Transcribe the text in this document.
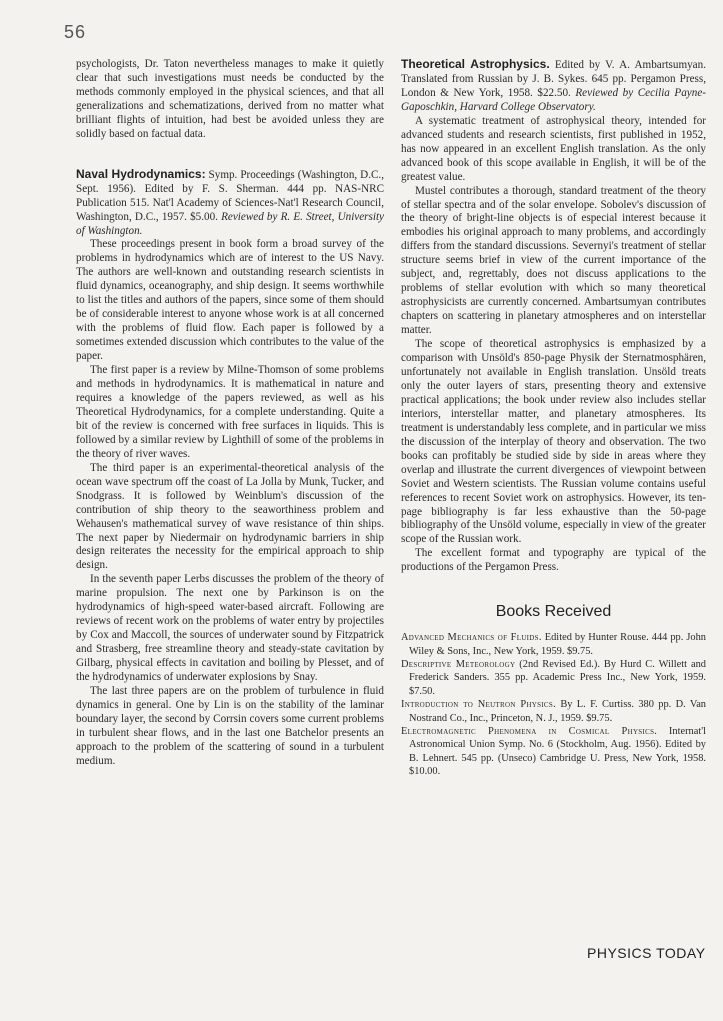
56

psychologists, Dr. Taton nevertheless manages to make it quietly clear that such investigations must needs be conducted by the methods commonly employed in the physical sciences, and that all generalizations and schematizations, derived from no matter what brilliant flights of intuition, had best be avoided unless they are solidly based on factual data.

Naval Hydrodynamics: Symp. Proceedings (Washington, D.C., Sept. 1956). Edited by F. S. Sherman. 444 pp. NAS-NRC Publication 515. Nat'l Academy of Sciences-Nat'l Research Council, Washington, D.C., 1957. $5.00. Reviewed by R. E. Street, University of Washington.

These proceedings present in book form a broad survey of the problems in hydrodynamics which are of interest to the US Navy. The authors are well-known and outstanding research scientists in fluid dynamics, oceanography, and ship design. It seems worthwhile to list the titles and authors of the papers, since some of them should be of considerable interest to anyone whose work is at all concerned with the problems of fluid flow. Each paper is followed by a sometimes extended discussion which contributes to the value of the paper.

The first paper is a review by Milne-Thomson of some problems and methods in hydrodynamics. It is mathematical in nature and requires a knowledge of the papers reviewed, as well as his Theoretical Hydrodynamics, for a complete understanding. Quite a bit of the review is concerned with free surfaces in liquids. This is followed by a similar review by Lighthill of some of the problems in the theory of river waves.

The third paper is an experimental-theoretical analysis of the ocean wave spectrum off the coast of La Jolla by Munk, Tucker, and Snodgrass. It is followed by Weinblum's discussion of the contribution of ship theory to the seaworthiness problem and Wehausen's mathematical survey of wave resistance of thin ships. The next paper by Niedermair on hydrodynamic barriers in ship design reiterates the necessity for the empirical approach to ship design.

In the seventh paper Lerbs discusses the problem of the theory of marine propulsion. The next one by Parkinson is on the hydrodynamics of high-speed water-based aircraft. Following are reviews of recent work on the problems of water entry by projectiles by Cox and Maccoll, the sources of underwater sound by Fitzpatrick and Strasberg, free streamline theory and steady-state cavitation by Gilbarg, physical effects in cavitation and boiling by Plesset, and of the hydrodynamics of underwater explosions by Snay.

The last three papers are on the problem of turbulence in fluid dynamics in general. One by Lin is on the stability of the laminar boundary layer, the second by Corrsin covers some current problems in turbulent shear flows, and in the last one Batchelor presents an approach to the problem of the scattering of sound in a turbulent medium.

Theoretical Astrophysics. Edited by V. A. Ambartsumyan. Translated from Russian by J. B. Sykes. 645 pp. Pergamon Press, London & New York, 1958. $22.50. Reviewed by Cecilia Payne-Gaposchkin, Harvard College Observatory.

A systematic treatment of astrophysical theory, intended for advanced students and research scientists, first published in 1952, has now appeared in an excellent English translation. As the only advanced book of this scope available in English, it will be of the greatest value.

Mustel contributes a thorough, standard treatment of the theory of stellar spectra and of the solar envelope. Sobolev's discussion of the theory of bright-line objects is of especial interest because it embodies his original approach to many problems, and accordingly differs from the standard discussions. Severnyi's treatment of stellar structure seems brief in view of the current importance of the subject, and, regrettably, does not discuss applications to the problems of stellar evolution with which so many theoretical astrophysicists are currently concerned. Ambartsumyan contributes chapters on scattering in planetary atmospheres and on interstellar matter.

The scope of theoretical astrophysics is emphasized by a comparison with Unsöld's 850-page Physik der Sternatmosphären, unfortunately not available in English translation. Unsöld treats only the outer layers of stars, presenting theory and extensive practical applications; the book under review also includes stellar interiors, interstellar matter, and planetary atmospheres. Its treatment is understandably less complete, and in particular we miss the discussion of the interplay of theory and observation. The two books can profitably be studied side by side in areas where they overlap and illustrate the current divergences of viewpoint between Soviet and Western scientists. The Russian volume contains useful references to recent Soviet work on astrophysics. However, its ten-page bibliography is far less exhaustive than the 50-page bibliography of the Unsöld volume, especially in view of the greater scope of the Russian work.

The excellent format and typography are typical of the productions of the Pergamon Press.

Books Received

Advanced Mechanics of Fluids. Edited by Hunter Rouse. 444 pp. John Wiley & Sons, Inc., New York, 1959. $9.75.

Descriptive Meteorology (2nd Revised Ed.). By Hurd C. Willett and Frederick Sanders. 355 pp. Academic Press Inc., New York, 1959. $7.50.

Introduction to Neutron Physics. By L. F. Curtiss. 380 pp. D. Van Nostrand Co., Inc., Princeton, N. J., 1959. $9.75.

Electromagnetic Phenomena in Cosmical Physics. Internat'l Astronomical Union Symp. No. 6 (Stockholm, Aug. 1956). Edited by B. Lehnert. 545 pp. (Unseco) Cambridge U. Press, New York, 1958. $10.00.

PHYSICS TODAY
